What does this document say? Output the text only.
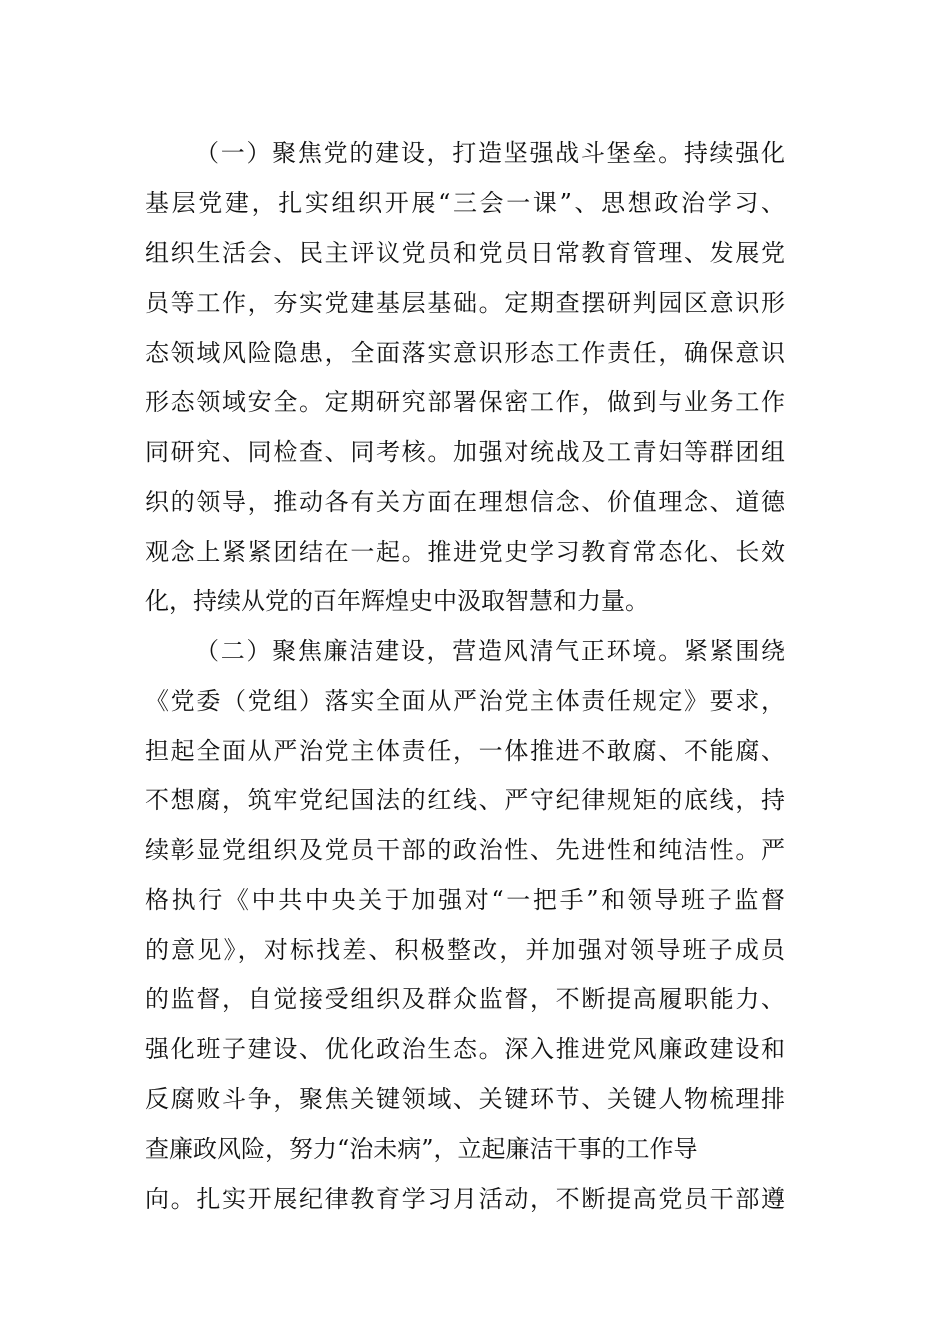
（一）聚焦党的建设，打造坚强战斗堡垒。持续强化
基层党建，扎实组织开展“三会一课”、思想政治学习、
组织生活会、民主评议党员和党员日常教育管理、发展党
员等工作，夯实党建基层基础。定期查摆研判园区意识形
态领域风险隐患，全面落实意识形态工作责任，确保意识
形态领域安全。定期研究部署保密工作，做到与业务工作
同研究、同检查、同考核。加强对统战及工青妇等群团组
织的领导，推动各有关方面在理想信念、价值理念、道德
观念上紧紧团结在一起。推进党史学习教育常态化、长效
化，持续从党的百年辉煌史中汲取智慧和力量。
（二）聚焦廉洁建设，营造风清气正环境。紧紧围绕
《党委（党组）落实全面从严治党主体责任规定》要求，
担起全面从严治党主体责任，一体推进不敢腐、不能腐、
不想腐，筑牢党纪国法的红线、严守纪律规矩的底线，持
续彰显党组织及党员干部的政治性、先进性和纯洁性。严
格执行《中共中央关于加强对“一把手”和领导班子监督
的意见》，对标找差、积极整改，并加强对领导班子成员
的监督，自觉接受组织及群众监督，不断提高履职能力、
强化班子建设、优化政治生态。深入推进党风廉政建设和
反腐败斗争，聚焦关键领域、关键环节、关键人物梳理排
查廉政风险，努力“治未病”，立起廉洁干事的工作导
向。扎实开展纪律教育学习月活动，不断提高党员干部遵
